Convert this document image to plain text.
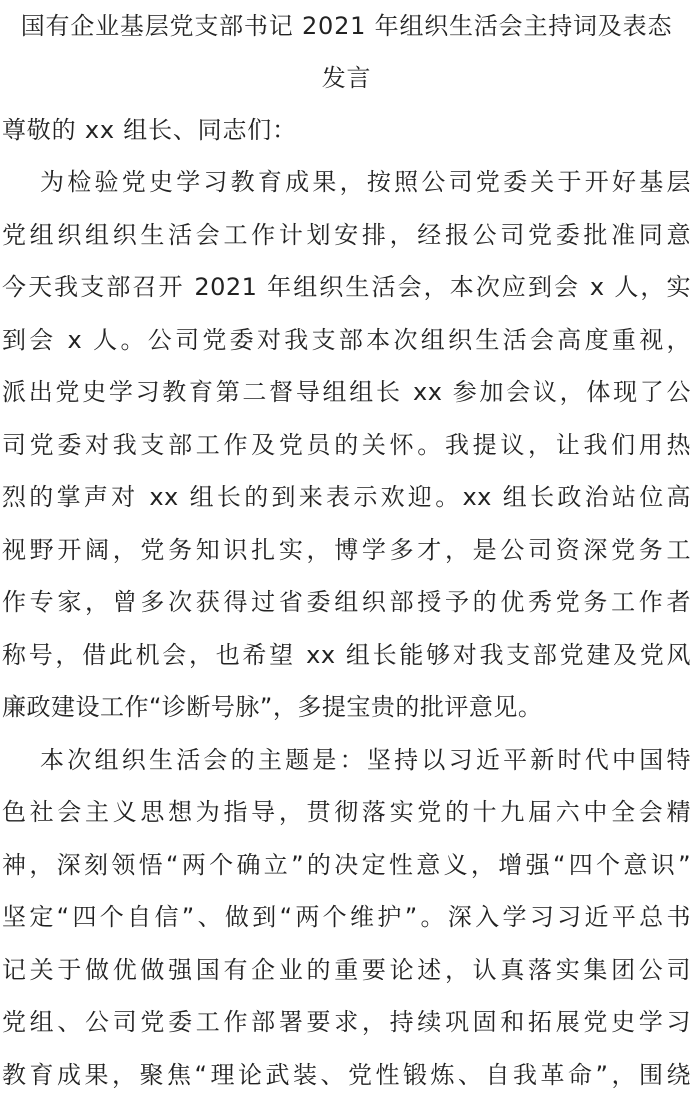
国有企业基层党支部书记 2021 年组织生活会主持词及表态
发言

尊敬的 xx 组长、同志们：

为检验党史学习教育成果，按照公司党委关于开好基层
党组织组织生活会工作计划安排，经报公司党委批准同意
今天我支部召开 2021 年组织生活会，本次应到会 x 人，实
到会 x 人。公司党委对我支部本次组织生活会高度重视，
派出党史学习教育第二督导组组长 xx 参加会议，体现了公
司党委对我支部工作及党员的关怀。我提议，让我们用热
烈的掌声对 xx 组长的到来表示欢迎。xx 组长政治站位高
视野开阔，党务知识扎实，博学多才，是公司资深党务工
作专家，曾多次获得过省委组织部授予的优秀党务工作者
称号，借此机会，也希望 xx 组长能够对我支部党建及党风
廉政建设工作“诊断号脉”，多提宝贵的批评意见。
本次组织生活会的主题是：坚持以习近平新时代中国特
色社会主义思想为指导，贯彻落实党的十九届六中全会精
神，深刻领悟“两个确立”的决定性意义，增强“四个意识”
坚定“四个自信”、做到“两个维护”。深入学习习近平总书
记关于做优做强国有企业的重要论述，认真落实集团公司
党组、公司党委工作部署要求，持续巩固和拓展党史学习
教育成果，聚焦“理论武装、党性锻炼、自我革命”，围绕
